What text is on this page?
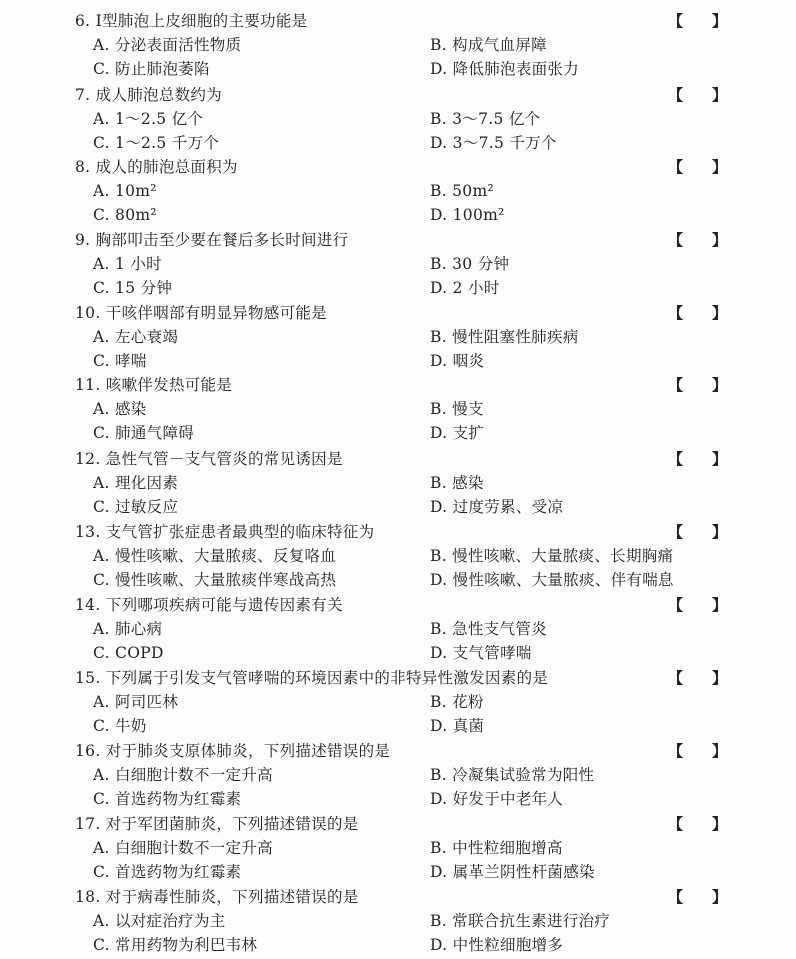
6. Ⅰ型肺泡上皮细胞的主要功能是	【 】
A. 分泌表面活性物质	B. 构成气血屏障
C. 防止肺泡萎陷	D. 降低肺泡表面张力
7. 成人肺泡总数约为	【 】
A. 1～2.5 亿个	B. 3～7.5 亿个
C. 1～2.5 千万个	D. 3～7.5 千万个
8. 成人的肺泡总面积为	【 】
A. 10m²	B. 50m²
C. 80m²	D. 100m²
9. 胸部叩击至少要在餐后多长时间进行	【 】
A. 1 小时	B. 30 分钟
C. 15 分钟	D. 2 小时
10. 干咳伴咽部有明显异物感可能是	【 】
A. 左心衰竭	B. 慢性阻塞性肺疾病
C. 哮喘	D. 咽炎
11. 咳嗽伴发热可能是	【 】
A. 感染	B. 慢支
C. 肺通气障碍	D. 支扩
12. 急性气管－支气管炎的常见诱因是	【 】
A. 理化因素	B. 感染
C. 过敏反应	D. 过度劳累、受凉
13. 支气管扩张症患者最典型的临床特征为	【 】
A. 慢性咳嗽、大量脓痰、反复咯血	B. 慢性咳嗽、大量脓痰、长期胸痛
C. 慢性咳嗽、大量脓痰伴寒战高热	D. 慢性咳嗽、大量脓痰、伴有喘息
14. 下列哪项疾病可能与遗传因素有关	【 】
A. 肺心病	B. 急性支气管炎
C. COPD	D. 支气管哮喘
15. 下列属于引发支气管哮喘的环境因素中的非特异性激发因素的是	【 】
A. 阿司匹林	B. 花粉
C. 牛奶	D. 真菌
16. 对于肺炎支原体肺炎，下列描述错误的是	【 】
A. 白细胞计数不一定升高	B. 冷凝集试验常为阳性
C. 首选药物为红霉素	D. 好发于中老年人
17. 对于军团菌肺炎，下列描述错误的是	【 】
A. 白细胞计数不一定升高	B. 中性粒细胞增高
C. 首选药物为红霉素	D. 属革兰阴性杆菌感染
18. 对于病毒性肺炎，下列描述错误的是	【 】
A. 以对症治疗为主	B. 常联合抗生素进行治疗
C. 常用药物为利巴韦林	D. 中性粒细胞增多
